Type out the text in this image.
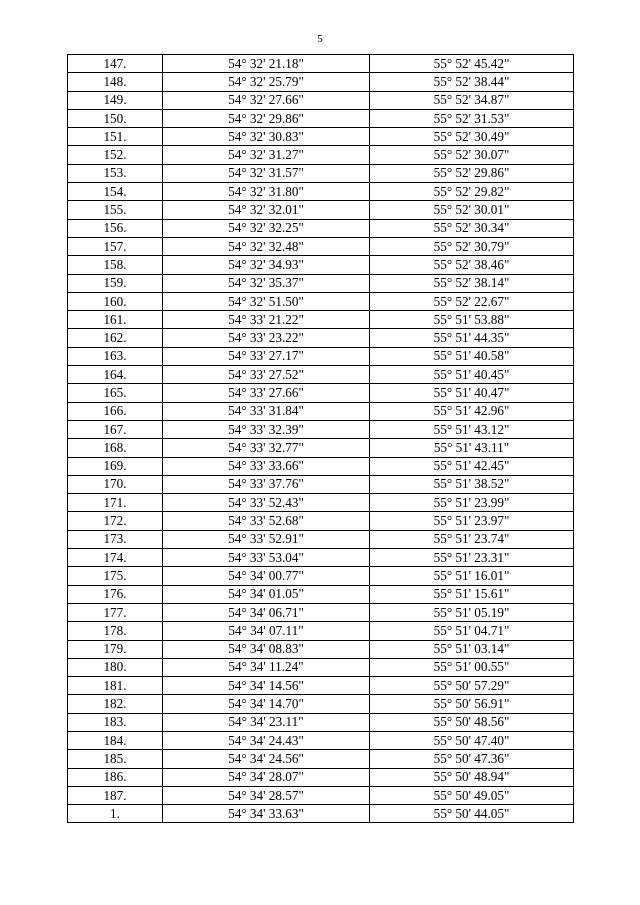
5
147.	54° 32' 21.18"	55° 52' 45.42"
148.	54° 32' 25.79"	55° 52' 38.44"
149.	54° 32' 27.66"	55° 52' 34.87"
150.	54° 32' 29.86"	55° 52' 31.53"
151.	54° 32' 30.83"	55° 52' 30.49"
152.	54° 32' 31.27"	55° 52' 30.07"
153.	54° 32' 31.57"	55° 52' 29.86"
154.	54° 32' 31.80"	55° 52' 29.82"
155.	54° 32' 32.01"	55° 52' 30.01"
156.	54° 32' 32.25"	55° 52' 30.34"
157.	54° 32' 32.48"	55° 52' 30.79"
158.	54° 32' 34.93"	55° 52' 38.46"
159.	54° 32' 35.37"	55° 52' 38.14"
160.	54° 32' 51.50"	55° 52' 22.67"
161.	54° 33' 21.22"	55° 51' 53.88"
162.	54° 33' 23.22"	55° 51' 44.35"
163.	54° 33' 27.17"	55° 51' 40.58"
164.	54° 33' 27.52"	55° 51' 40.45"
165.	54° 33' 27.66"	55° 51' 40.47"
166.	54° 33' 31.84"	55° 51' 42.96"
167.	54° 33' 32.39"	55° 51' 43.12"
168.	54° 33' 32.77"	55° 51' 43.11"
169.	54° 33' 33.66"	55° 51' 42.45"
170.	54° 33' 37.76"	55° 51' 38.52"
171.	54° 33' 52.43"	55° 51' 23.99"
172.	54° 33' 52.68"	55° 51' 23.97"
173.	54° 33' 52.91"	55° 51' 23.74"
174.	54° 33' 53.04"	55° 51' 23.31"
175.	54° 34' 00.77"	55° 51' 16.01"
176.	54° 34' 01.05"	55° 51' 15.61"
177.	54° 34' 06.71"	55° 51' 05.19"
178.	54° 34' 07.11"	55° 51' 04.71"
179.	54° 34' 08.83"	55° 51' 03.14"
180.	54° 34' 11.24"	55° 51' 00.55"
181.	54° 34' 14.56"	55° 50' 57.29"
182.	54° 34' 14.70"	55° 50' 56.91"
183.	54° 34' 23.11"	55° 50' 48.56"
184.	54° 34' 24.43"	55° 50' 47.40"
185.	54° 34' 24.56"	55° 50' 47.36"
186.	54° 34' 28.07"	55° 50' 48.94"
187.	54° 34' 28.57"	55° 50' 49.05"
1.	54° 34' 33.63"	55° 50' 44.05"
